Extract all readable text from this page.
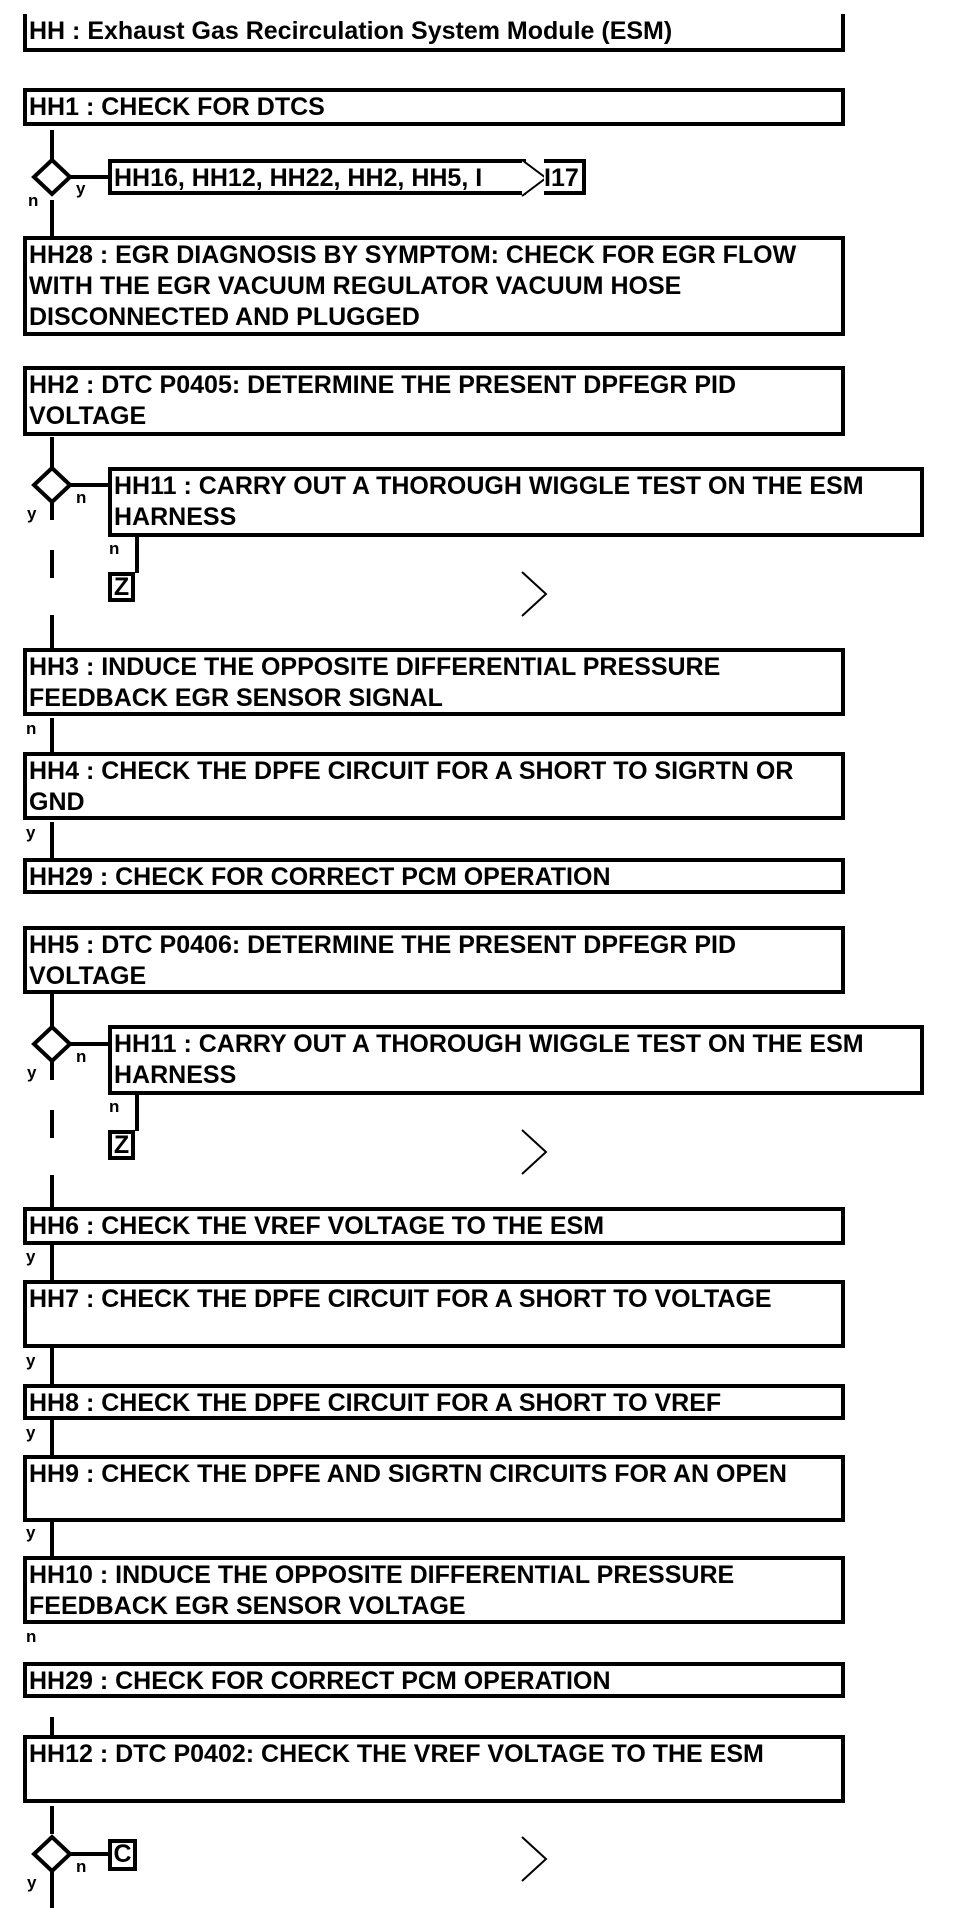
HH : Exhaust Gas Recirculation System Module (ESM)
HH1 : CHECK FOR DTCS
HH16, HH12, HH22, HH2, HH5, I	I17
HH28 : EGR DIAGNOSIS BY SYMPTOM: CHECK FOR EGR FLOW WITH THE EGR VACUUM REGULATOR VACUUM HOSE DISCONNECTED AND PLUGGED
HH2 : DTC P0405: DETERMINE THE PRESENT DPFEGR PID VOLTAGE
HH11 : CARRY OUT A THOROUGH WIGGLE TEST ON THE ESM HARNESS
Z
HH3 : INDUCE THE OPPOSITE DIFFERENTIAL PRESSURE FEEDBACK EGR SENSOR SIGNAL
HH4 : CHECK THE DPFE CIRCUIT FOR A SHORT TO SIGRTN OR GND
HH29 : CHECK FOR CORRECT PCM OPERATION
HH5 : DTC P0406: DETERMINE THE PRESENT DPFEGR PID VOLTAGE
HH11 : CARRY OUT A THOROUGH WIGGLE TEST ON THE ESM HARNESS
Z
HH6 : CHECK THE VREF VOLTAGE TO THE ESM
HH7 : CHECK THE DPFE CIRCUIT FOR A SHORT TO VOLTAGE
HH8 : CHECK THE DPFE CIRCUIT FOR A SHORT TO VREF
HH9 : CHECK THE DPFE AND SIGRTN CIRCUITS FOR AN OPEN
HH10 : INDUCE THE OPPOSITE DIFFERENTIAL PRESSURE FEEDBACK EGR SENSOR VOLTAGE
HH29 : CHECK FOR CORRECT PCM OPERATION
HH12 : DTC P0402: CHECK THE VREF VOLTAGE TO THE ESM
C
n
y
y
n
n
n
y
y
n
n
y
y
y
y
n
n
y
